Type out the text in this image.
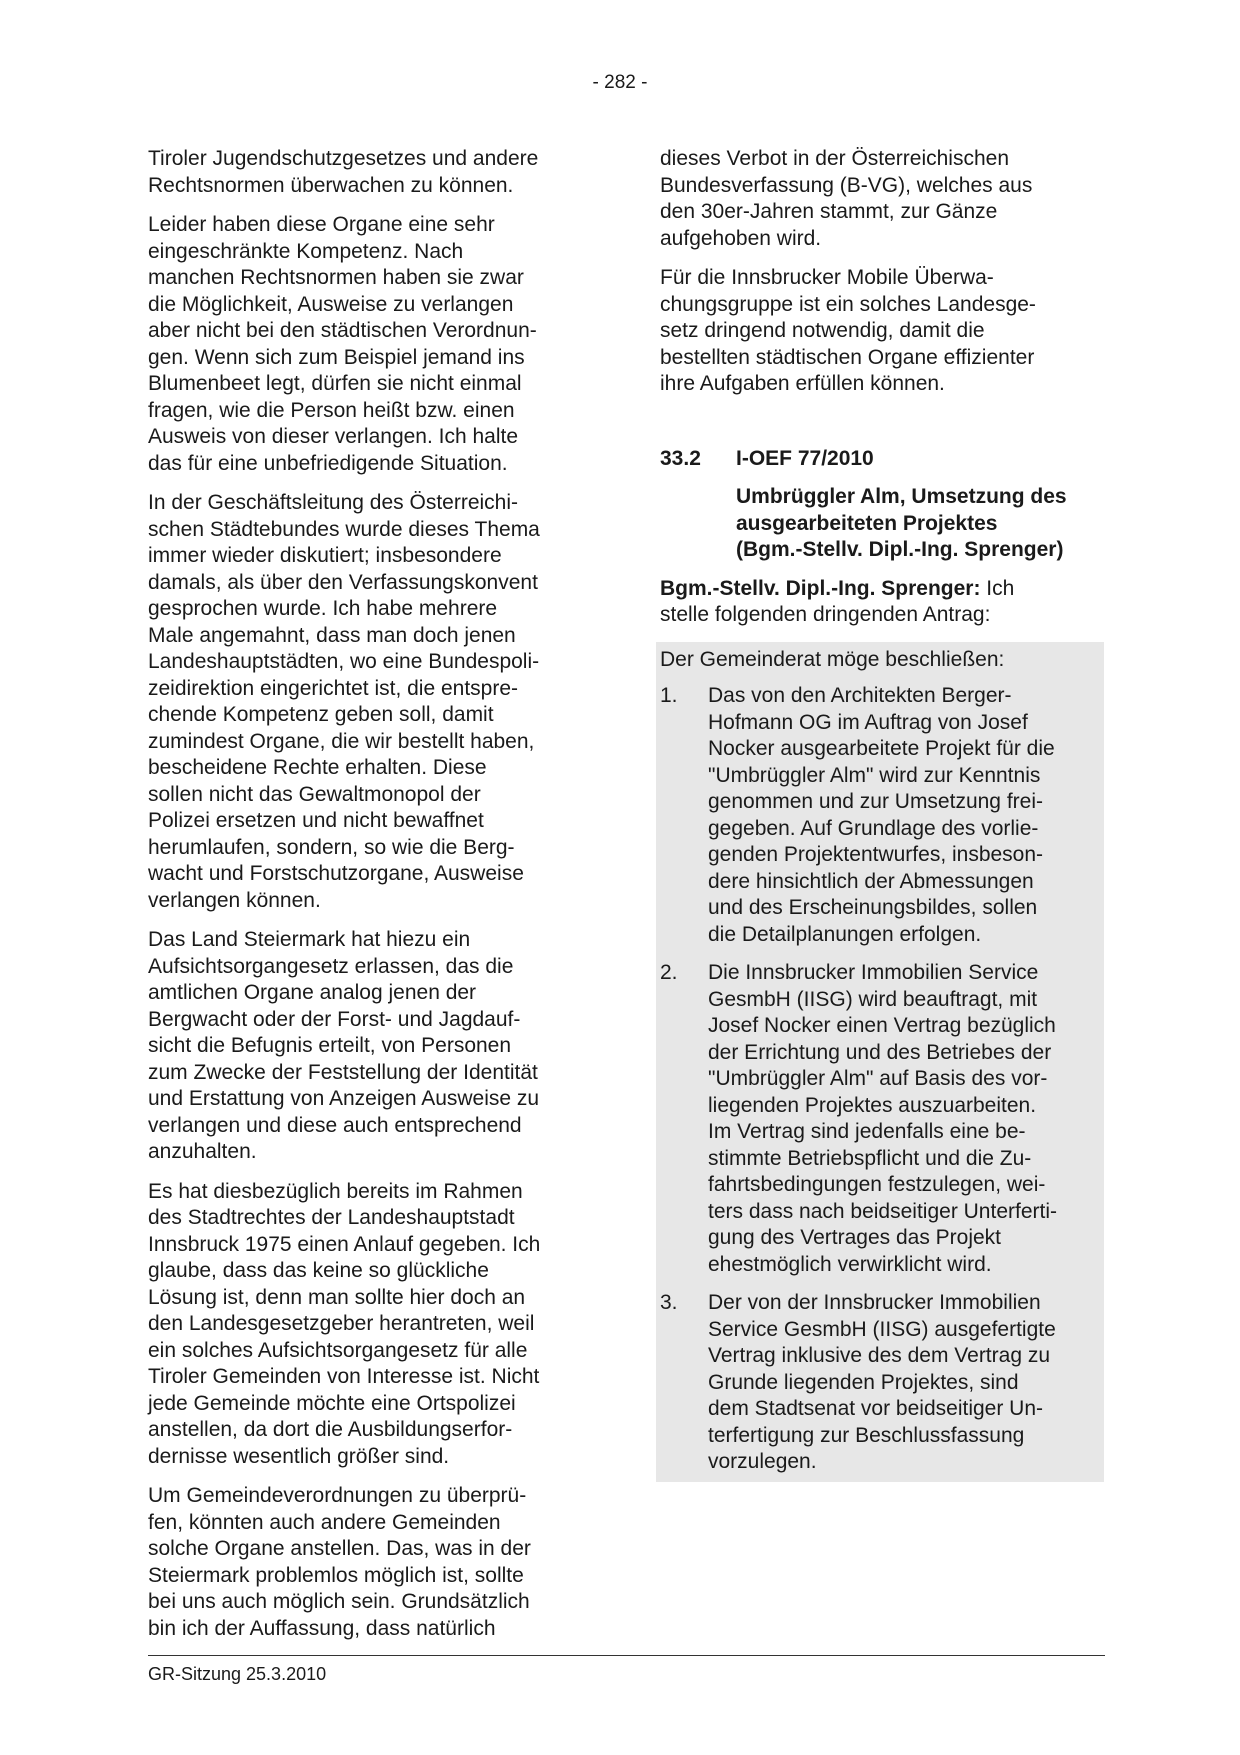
- 282 -

Tiroler Jugendschutzgesetzes und andere
Rechtsnormen überwachen zu können.

Leider haben diese Organe eine sehr
eingeschränkte Kompetenz. Nach
manchen Rechtsnormen haben sie zwar
die Möglichkeit, Ausweise zu verlangen
aber nicht bei den städtischen Verordnun-
gen. Wenn sich zum Beispiel jemand ins
Blumenbeet legt, dürfen sie nicht einmal
fragen, wie die Person heißt bzw. einen
Ausweis von dieser verlangen. Ich halte
das für eine unbefriedigende Situation.

In der Geschäftsleitung des Österreichi-
schen Städtebundes wurde dieses Thema
immer wieder diskutiert; insbesondere
damals, als über den Verfassungskonvent
gesprochen wurde. Ich habe mehrere
Male angemahnt, dass man doch jenen
Landeshauptstädten, wo eine Bundespoli-
zeidirektion eingerichtet ist, die entspre-
chende Kompetenz geben soll, damit
zumindest Organe, die wir bestellt haben,
bescheidene Rechte erhalten. Diese
sollen nicht das Gewaltmonopol der
Polizei ersetzen und nicht bewaffnet
herumlaufen, sondern, so wie die Berg-
wacht und Forstschutzorgane, Ausweise
verlangen können.

Das Land Steiermark hat hiezu ein
Aufsichtsorgangesetz erlassen, das die
amtlichen Organe analog jenen der
Bergwacht oder der Forst- und Jagdauf-
sicht die Befugnis erteilt, von Personen
zum Zwecke der Feststellung der Identität
und Erstattung von Anzeigen Ausweise zu
verlangen und diese auch entsprechend
anzuhalten.

Es hat diesbezüglich bereits im Rahmen
des Stadtrechtes der Landeshauptstadt
Innsbruck 1975 einen Anlauf gegeben. Ich
glaube, dass das keine so glückliche
Lösung ist, denn man sollte hier doch an
den Landesgesetzgeber herantreten, weil
ein solches Aufsichtsorgangesetz für alle
Tiroler Gemeinden von Interesse ist. Nicht
jede Gemeinde möchte eine Ortspolizei
anstellen, da dort die Ausbildungserfor-
dernisse wesentlich größer sind.

Um Gemeindeverordnungen zu überprü-
fen, könnten auch andere Gemeinden
solche Organe anstellen. Das, was in der
Steiermark problemlos möglich ist, sollte
bei uns auch möglich sein. Grundsätzlich
bin ich der Auffassung, dass natürlich

dieses Verbot in der Österreichischen
Bundesverfassung (B-VG), welches aus
den 30er-Jahren stammt, zur Gänze
aufgehoben wird.

Für die Innsbrucker Mobile Überwa-
chungsgruppe ist ein solches Landesge-
setz dringend notwendig, damit die
bestellten städtischen Organe effizienter
ihre Aufgaben erfüllen können.

33.2	I-OEF 77/2010
Umbrüggler Alm, Umsetzung des
ausgearbeiteten Projektes
(Bgm.-Stellv. Dipl.-Ing. Sprenger)

Bgm.-Stellv. Dipl.-Ing. Sprenger: Ich
stelle folgenden dringenden Antrag:

Der Gemeinderat möge beschließen:

1.	Das von den Architekten Berger-
Hofmann OG im Auftrag von Josef
Nocker ausgearbeitete Projekt für die
"Umbrüggler Alm" wird zur Kenntnis
genommen und zur Umsetzung frei-
gegeben. Auf Grundlage des vorlie-
genden Projektentwurfes, insbeson-
dere hinsichtlich der Abmessungen
und des Erscheinungsbildes, sollen
die Detailplanungen erfolgen.
2.	Die Innsbrucker Immobilien Service
GesmbH (IISG) wird beauftragt, mit
Josef Nocker einen Vertrag bezüglich
der Errichtung und des Betriebes der
"Umbrüggler Alm" auf Basis des vor-
liegenden Projektes auszuarbeiten.
Im Vertrag sind jedenfalls eine be-
stimmte Betriebspflicht und die Zu-
fahrtsbedingungen festzulegen, wei-
ters dass nach beidseitiger Unterferti-
gung des Vertrages das Projekt
ehestmöglich verwirklicht wird.
3.	Der von der Innsbrucker Immobilien
Service GesmbH (IISG) ausgefertigte
Vertrag inklusive des dem Vertrag zu
Grunde liegenden Projektes, sind
dem Stadtsenat vor beidseitiger Un-
terfertigung zur Beschlussfassung
vorzulegen.
GR-Sitzung 25.3.2010
